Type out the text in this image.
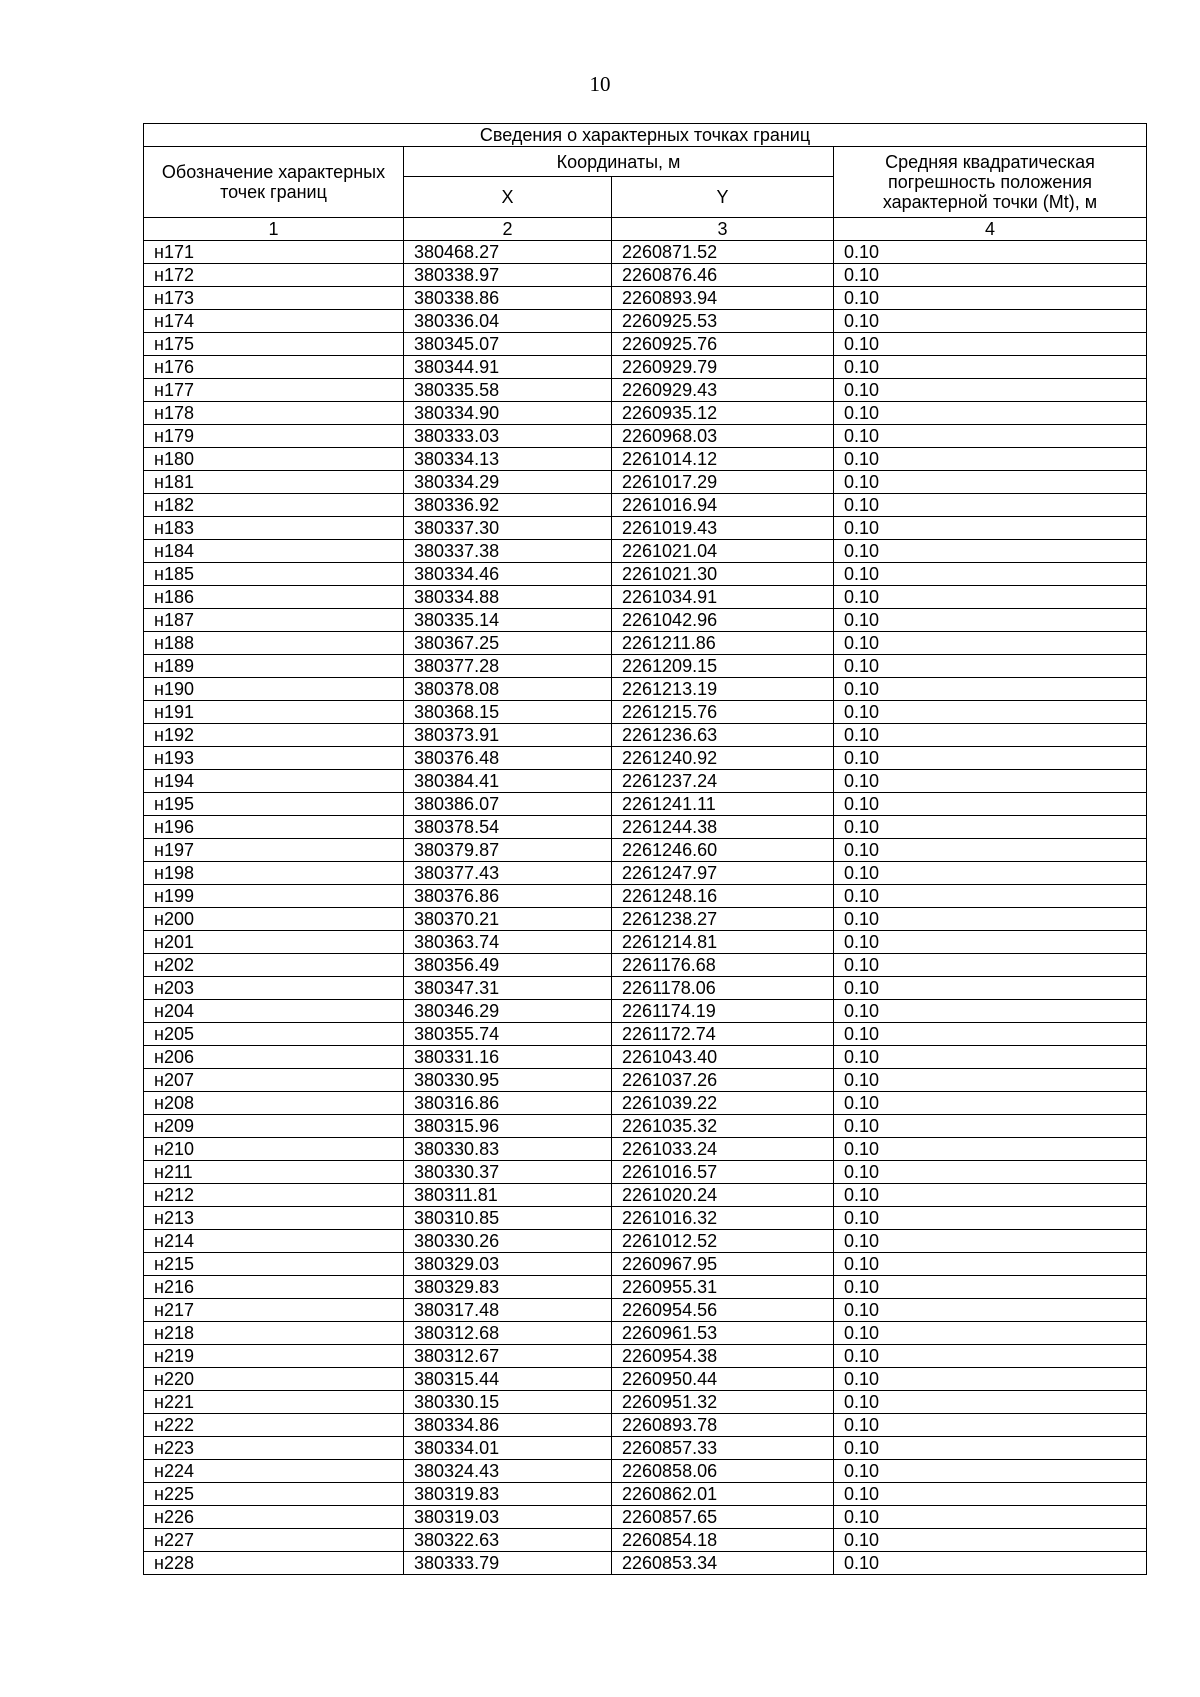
10
Сведения о характерных точках границ			
Обозначение характерных точек границ	Координаты, м		Средняя квадратическая погрешность положения характерной точки (Mt), м
	X	Y	
1	2	3	4
н171	380468.27	2260871.52	0.10
н172	380338.97	2260876.46	0.10
н173	380338.86	2260893.94	0.10
н174	380336.04	2260925.53	0.10
н175	380345.07	2260925.76	0.10
н176	380344.91	2260929.79	0.10
н177	380335.58	2260929.43	0.10
н178	380334.90	2260935.12	0.10
н179	380333.03	2260968.03	0.10
н180	380334.13	2261014.12	0.10
н181	380334.29	2261017.29	0.10
н182	380336.92	2261016.94	0.10
н183	380337.30	2261019.43	0.10
н184	380337.38	2261021.04	0.10
н185	380334.46	2261021.30	0.10
н186	380334.88	2261034.91	0.10
н187	380335.14	2261042.96	0.10
н188	380367.25	2261211.86	0.10
н189	380377.28	2261209.15	0.10
н190	380378.08	2261213.19	0.10
н191	380368.15	2261215.76	0.10
н192	380373.91	2261236.63	0.10
н193	380376.48	2261240.92	0.10
н194	380384.41	2261237.24	0.10
н195	380386.07	2261241.11	0.10
н196	380378.54	2261244.38	0.10
н197	380379.87	2261246.60	0.10
н198	380377.43	2261247.97	0.10
н199	380376.86	2261248.16	0.10
н200	380370.21	2261238.27	0.10
н201	380363.74	2261214.81	0.10
н202	380356.49	2261176.68	0.10
н203	380347.31	2261178.06	0.10
н204	380346.29	2261174.19	0.10
н205	380355.74	2261172.74	0.10
н206	380331.16	2261043.40	0.10
н207	380330.95	2261037.26	0.10
н208	380316.86	2261039.22	0.10
н209	380315.96	2261035.32	0.10
н210	380330.83	2261033.24	0.10
н211	380330.37	2261016.57	0.10
н212	380311.81	2261020.24	0.10
н213	380310.85	2261016.32	0.10
н214	380330.26	2261012.52	0.10
н215	380329.03	2260967.95	0.10
н216	380329.83	2260955.31	0.10
н217	380317.48	2260954.56	0.10
н218	380312.68	2260961.53	0.10
н219	380312.67	2260954.38	0.10
н220	380315.44	2260950.44	0.10
н221	380330.15	2260951.32	0.10
н222	380334.86	2260893.78	0.10
н223	380334.01	2260857.33	0.10
н224	380324.43	2260858.06	0.10
н225	380319.83	2260862.01	0.10
н226	380319.03	2260857.65	0.10
н227	380322.63	2260854.18	0.10
н228	380333.79	2260853.34	0.10
